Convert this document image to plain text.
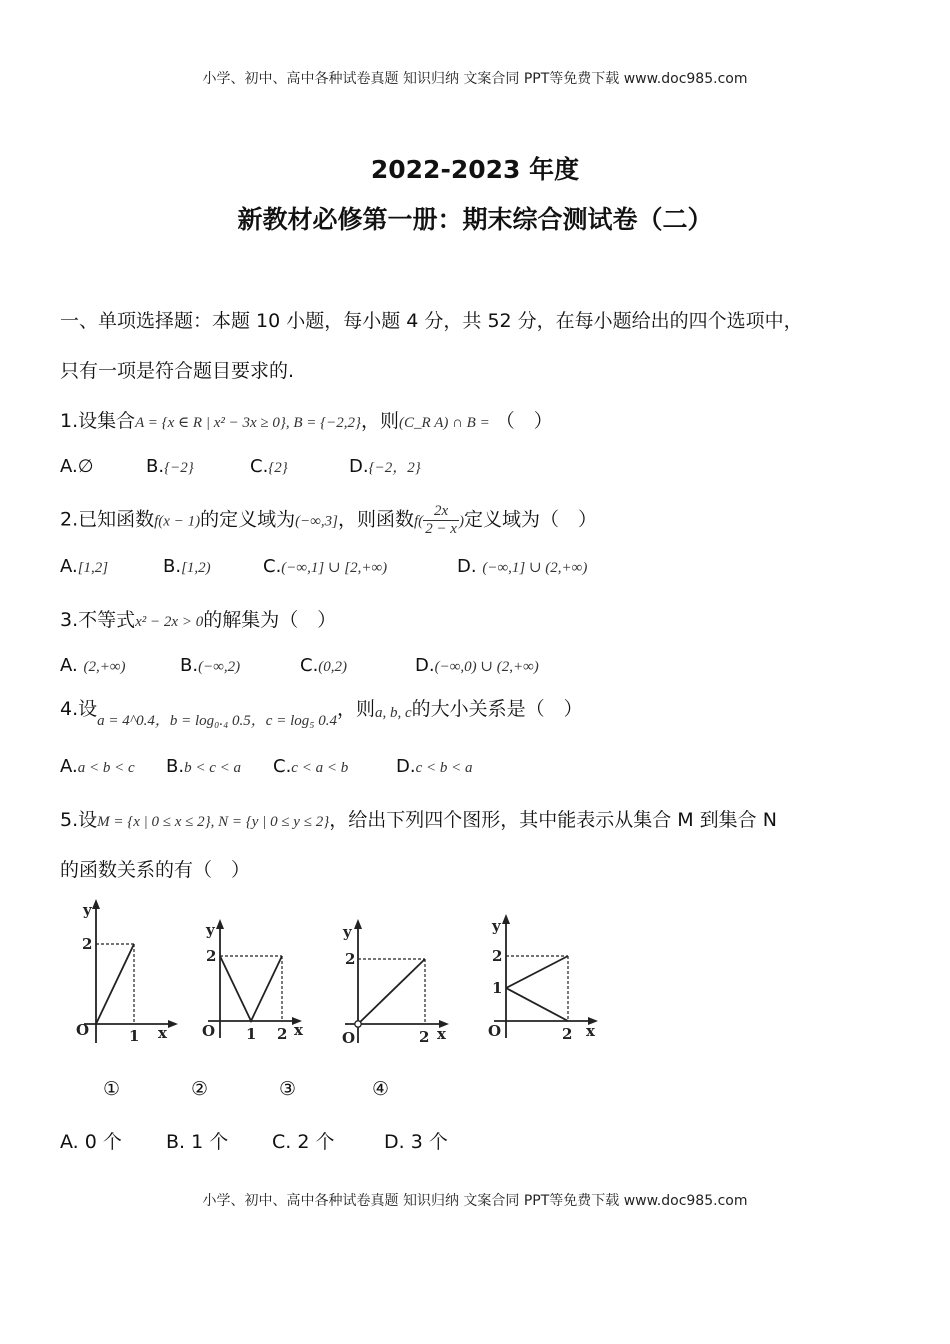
小学、初中、高中各种试卷真题 知识归纳 文案合同 PPT等免费下载 www.doc985.com
2022-2023 年度
新教材必修第一册：期末综合测试卷（二）
一、单项选择题：本题 10 小题，每小题 4 分，共 52 分，在每小题给出的四个选项中，
只有一项是符合题目要求的.
1.设集合A = {x ∈ R | x² − 3x ≥ 0}, B = {−2,2}，则(C_R A) ∩ B = （　）
A.∅	B.{−2}	C.{2}	D.{−2，2}
2.已知函数f(x − 1)的定义域为(−∞,3]，则函数$f( \frac{2x}{2 - x}$ )定义域为（　）
A.[1,2]	B.[1,2)	C.(−∞,1] ∪ [2,+∞)	D. (−∞,1] ∪ (2,+∞)
3.不等式x² − 2x > 0的解集为（　）
A. (2,+∞)	B.(−∞,2)	C.(0,2)	D.(−∞,0) ∪ (2,+∞)
4.设$_{a = 4\^{}0.4,b = log_0._4 0.5,c = log_5 0.4}$，则a, b, c的大小关系是（　）
A.a < b < c B.b < c < a C.c < a < b	D.c < b < a
5.设M = {x | 0 ≤ x ≤ 2}, N = {y | 0 ≤ y ≤ 2}，给出下列四个图形，其中能表示从集合 M 到集合 N
的函数关系的有（　）
y
2
O	1 x
y
2
O 1 2 x
y
2
O	2 x
y
2
1
O	2 x
①	②	③	④
A. 0 个 B. 1 个 C. 2 个	D. 3 个
小学、初中、高中各种试卷真题 知识归纳 文案合同 PPT等免费下载 www.doc985.com
